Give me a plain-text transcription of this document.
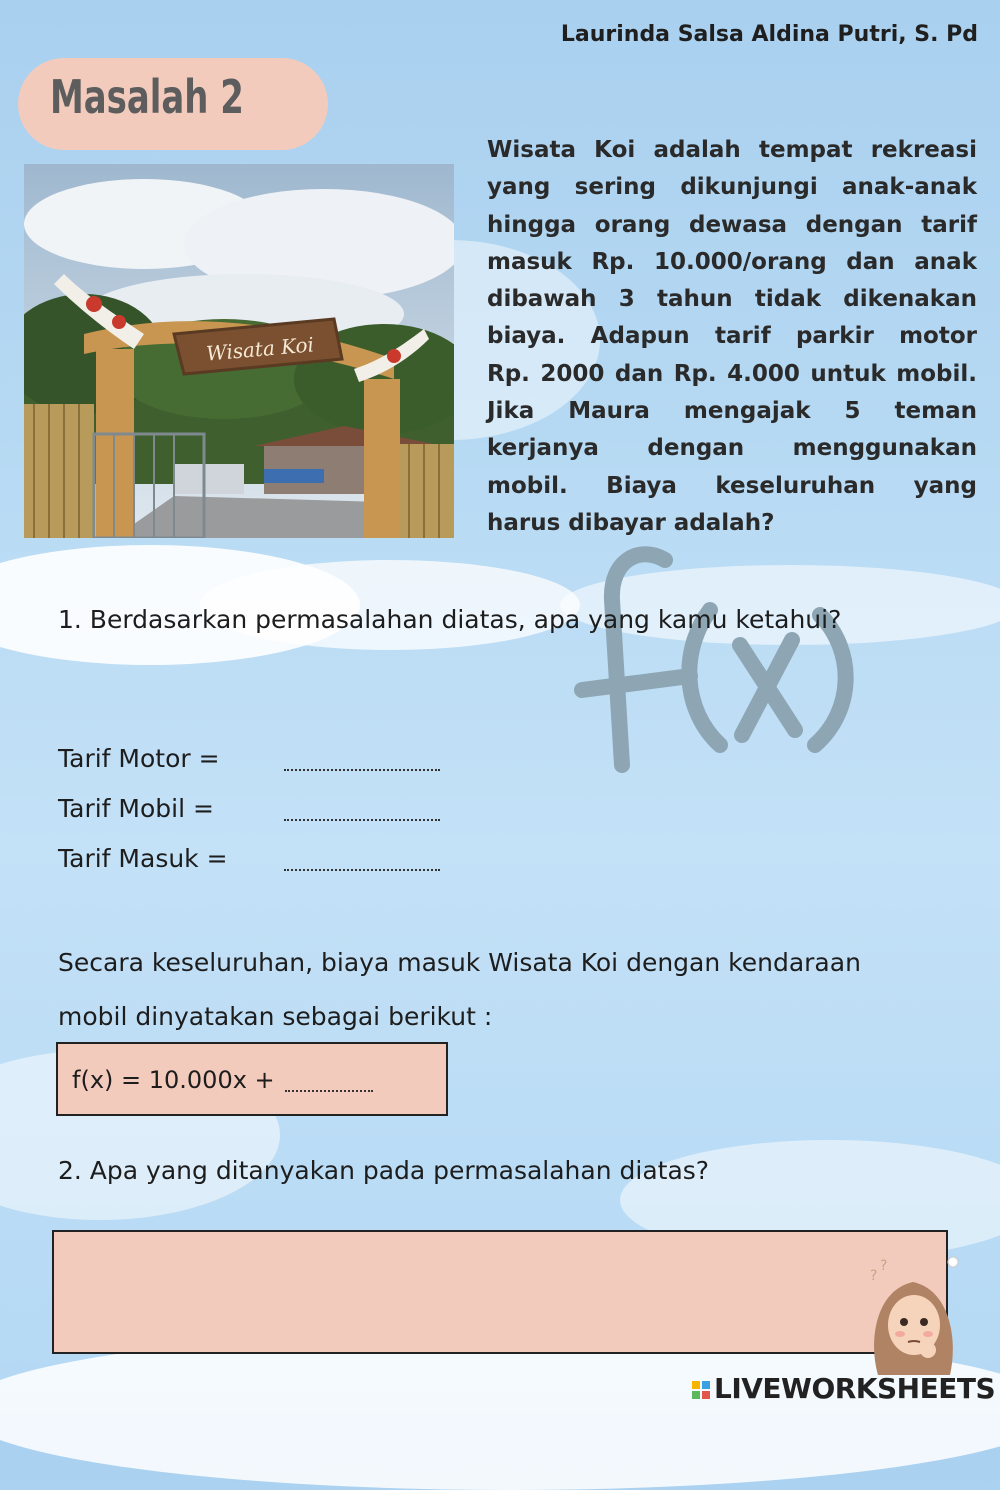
Laurinda Salsa Aldina Putri, S. Pd
Masalah 2
Wisata Koi
Wisata Koi adalah tempat rekreasi
yang sering dikunjungi anak-anak
hingga orang dewasa dengan tarif
masuk Rp. 10.000/orang dan anak
dibawah 3 tahun tidak dikenakan
biaya. Adapun tarif parkir motor
Rp. 2000 dan Rp. 4.000 untuk mobil.
Jika Maura mengajak 5 teman
kerjanya dengan menggunakan
mobil. Biaya keseluruhan yang
harus dibayar adalah?
1. Berdasarkan permasalahan diatas, apa yang kamu ketahui?
Tarif Motor =
Tarif Mobil =
Tarif Masuk =
Secara keseluruhan, biaya masuk Wisata Koi dengan kendaraan mobil dinyatakan sebagai berikut :
f(x) = 10.000x +
2. Apa yang ditanyakan pada permasalahan diatas?
?
?
LIVEWORKSHEETS
